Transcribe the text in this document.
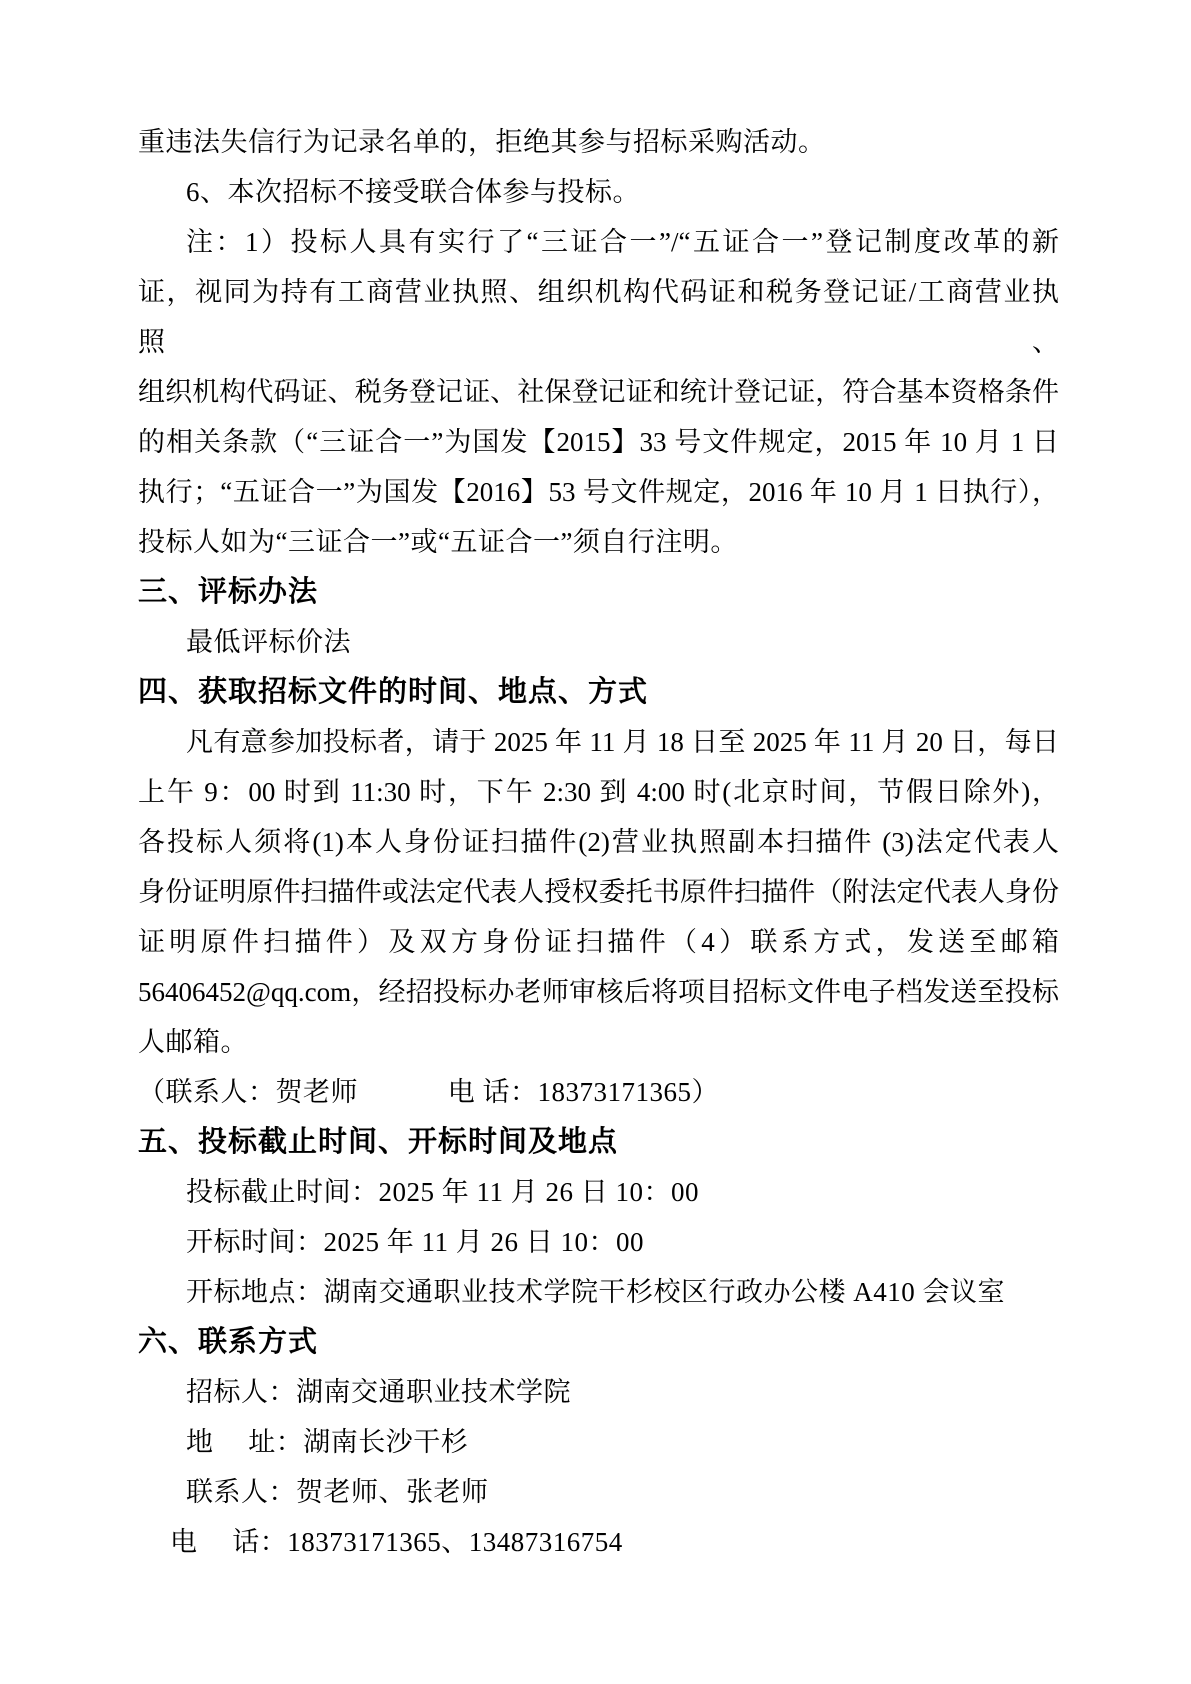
重违法失信行为记录名单的，拒绝其参与招标采购活动。
6、本次招标不接受联合体参与投标。
注：1）投标人具有实行了“三证合一”/“五证合一”登记制度改革的新
证，视同为持有工商营业执照、组织机构代码证和税务登记证/工商营业执照、
组织机构代码证、税务登记证、社保登记证和统计登记证，符合基本资格条件
的相关条款（“三证合一”为国发【2015】33 号文件规定，2015 年 10 月 1 日
执行；“五证合一”为国发【2016】53 号文件规定，2016 年 10 月 1 日执行），
投标人如为“三证合一”或“五证合一”须自行注明。
三、评标办法
最低评标价法
四、获取招标文件的时间、地点、方式
凡有意参加投标者，请于 2025 年 11 月 18 日至 2025 年 11 月 20 日，每日
上午 9：00 时到 11:30 时，下午 2:30 到 4:00 时(北京时间，节假日除外)，
各投标人须将(1)本人身份证扫描件(2)营业执照副本扫描件 (3)法定代表人
身份证明原件扫描件或法定代表人授权委托书原件扫描件（附法定代表人身份
证明原件扫描件）及双方身份证扫描件（4）联系方式，发送至邮箱
56406452@qq.com，经招投标办老师审核后将项目招标文件电子档发送至投标
人邮箱。
（联系人：贺老师　　　 电 话：18373171365）
五、投标截止时间、开标时间及地点
投标截止时间：2025 年 11 月 26 日 10：00
开标时间：2025 年 11 月 26 日 10：00
开标地点：湖南交通职业技术学院干杉校区行政办公楼 A410 会议室
六、联系方式
招标人：湖南交通职业技术学院
地　 址：湖南长沙干杉
联系人：贺老师、张老师
电　 话：18373171365、13487316754
